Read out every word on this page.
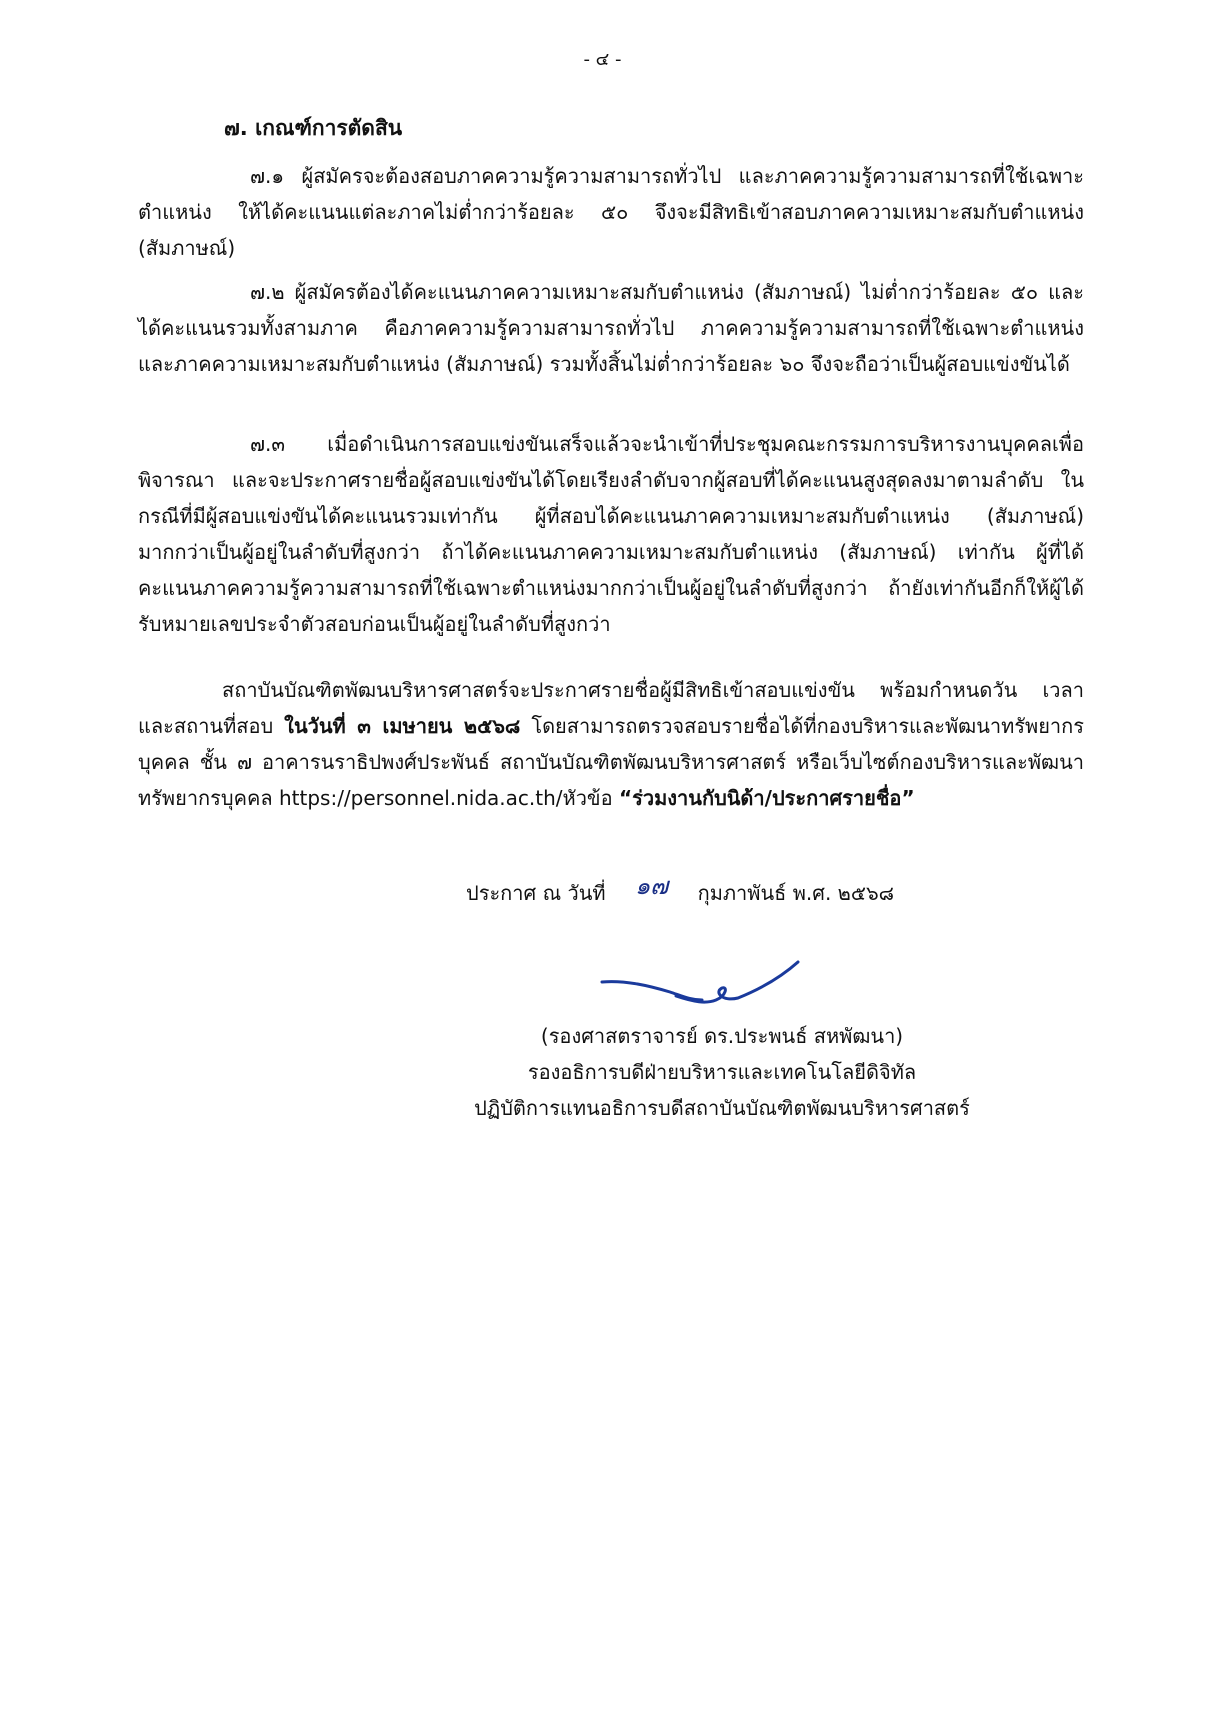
- ๔ -
๗. เกณฑ์การตัดสิน

๗.๑ ผู้สมัครจะต้องสอบภาคความรู้ความสามารถทั่วไป และภาคความรู้ความสามารถที่ใช้เฉพาะตำแหน่ง ให้ได้คะแนนแต่ละภาคไม่ต่ำกว่าร้อยละ ๕๐ จึงจะมีสิทธิเข้าสอบภาคความเหมาะสมกับตำแหน่ง (สัมภาษณ์)

๗.๒ ผู้สมัครต้องได้คะแนนภาคความเหมาะสมกับตำแหน่ง (สัมภาษณ์) ไม่ต่ำกว่าร้อยละ ๕๐ และได้คะแนนรวมทั้งสามภาค คือภาคความรู้ความสามารถทั่วไป ภาคความรู้ความสามารถที่ใช้เฉพาะตำแหน่ง และภาคความเหมาะสมกับตำแหน่ง (สัมภาษณ์) รวมทั้งสิ้นไม่ต่ำกว่าร้อยละ ๖๐ จึงจะถือว่าเป็นผู้สอบแข่งขันได้

๗.๓ เมื่อดำเนินการสอบแข่งขันเสร็จแล้วจะนำเข้าที่ประชุมคณะกรรมการบริหารงานบุคคลเพื่อพิจารณา และจะประกาศรายชื่อผู้สอบแข่งขันได้โดยเรียงลำดับจากผู้สอบที่ได้คะแนนสูงสุดลงมาตามลำดับ ในกรณีที่มีผู้สอบแข่งขันได้คะแนนรวมเท่ากัน ผู้ที่สอบได้คะแนนภาคความเหมาะสมกับตำแหน่ง (สัมภาษณ์) มากกว่าเป็นผู้อยู่ในลำดับที่สูงกว่า ถ้าได้คะแนนภาคความเหมาะสมกับตำแหน่ง (สัมภาษณ์) เท่ากัน ผู้ที่ได้คะแนนภาคความรู้ความสามารถที่ใช้เฉพาะตำแหน่งมากกว่าเป็นผู้อยู่ในลำดับที่สูงกว่า ถ้ายังเท่ากันอีกก็ให้ผู้ได้รับหมายเลขประจำตัวสอบก่อนเป็นผู้อยู่ในลำดับที่สูงกว่า

สถาบันบัณฑิตพัฒนบริหารศาสตร์จะประกาศรายชื่อผู้มีสิทธิเข้าสอบแข่งขัน พร้อมกำหนดวัน เวลา และสถานที่สอบ ในวันที่ ๓ เมษายน ๒๕๖๘ โดยสามารถตรวจสอบรายชื่อได้ที่กองบริหารและพัฒนาทรัพยากรบุคคล ชั้น ๗ อาคารนราธิปพงศ์ประพันธ์ สถาบันบัณฑิตพัฒนบริหารศาสตร์ หรือเว็บไซต์กองบริหารและพัฒนาทรัพยากรบุคคล https://personnel.nida.ac.th/หัวข้อ “ร่วมงานกับนิด้า/ประกาศรายชื่อ”

ประกาศ ณ วันที่ ๑๗ กุมภาพันธ์ พ.ศ. ๒๕๖๘
(รองศาสตราจารย์ ดร.ประพนธ์ สหพัฒนา)
รองอธิการบดีฝ่ายบริหารและเทคโนโลยีดิจิทัล
ปฏิบัติการแทนอธิการบดีสถาบันบัณฑิตพัฒนบริหารศาสตร์
